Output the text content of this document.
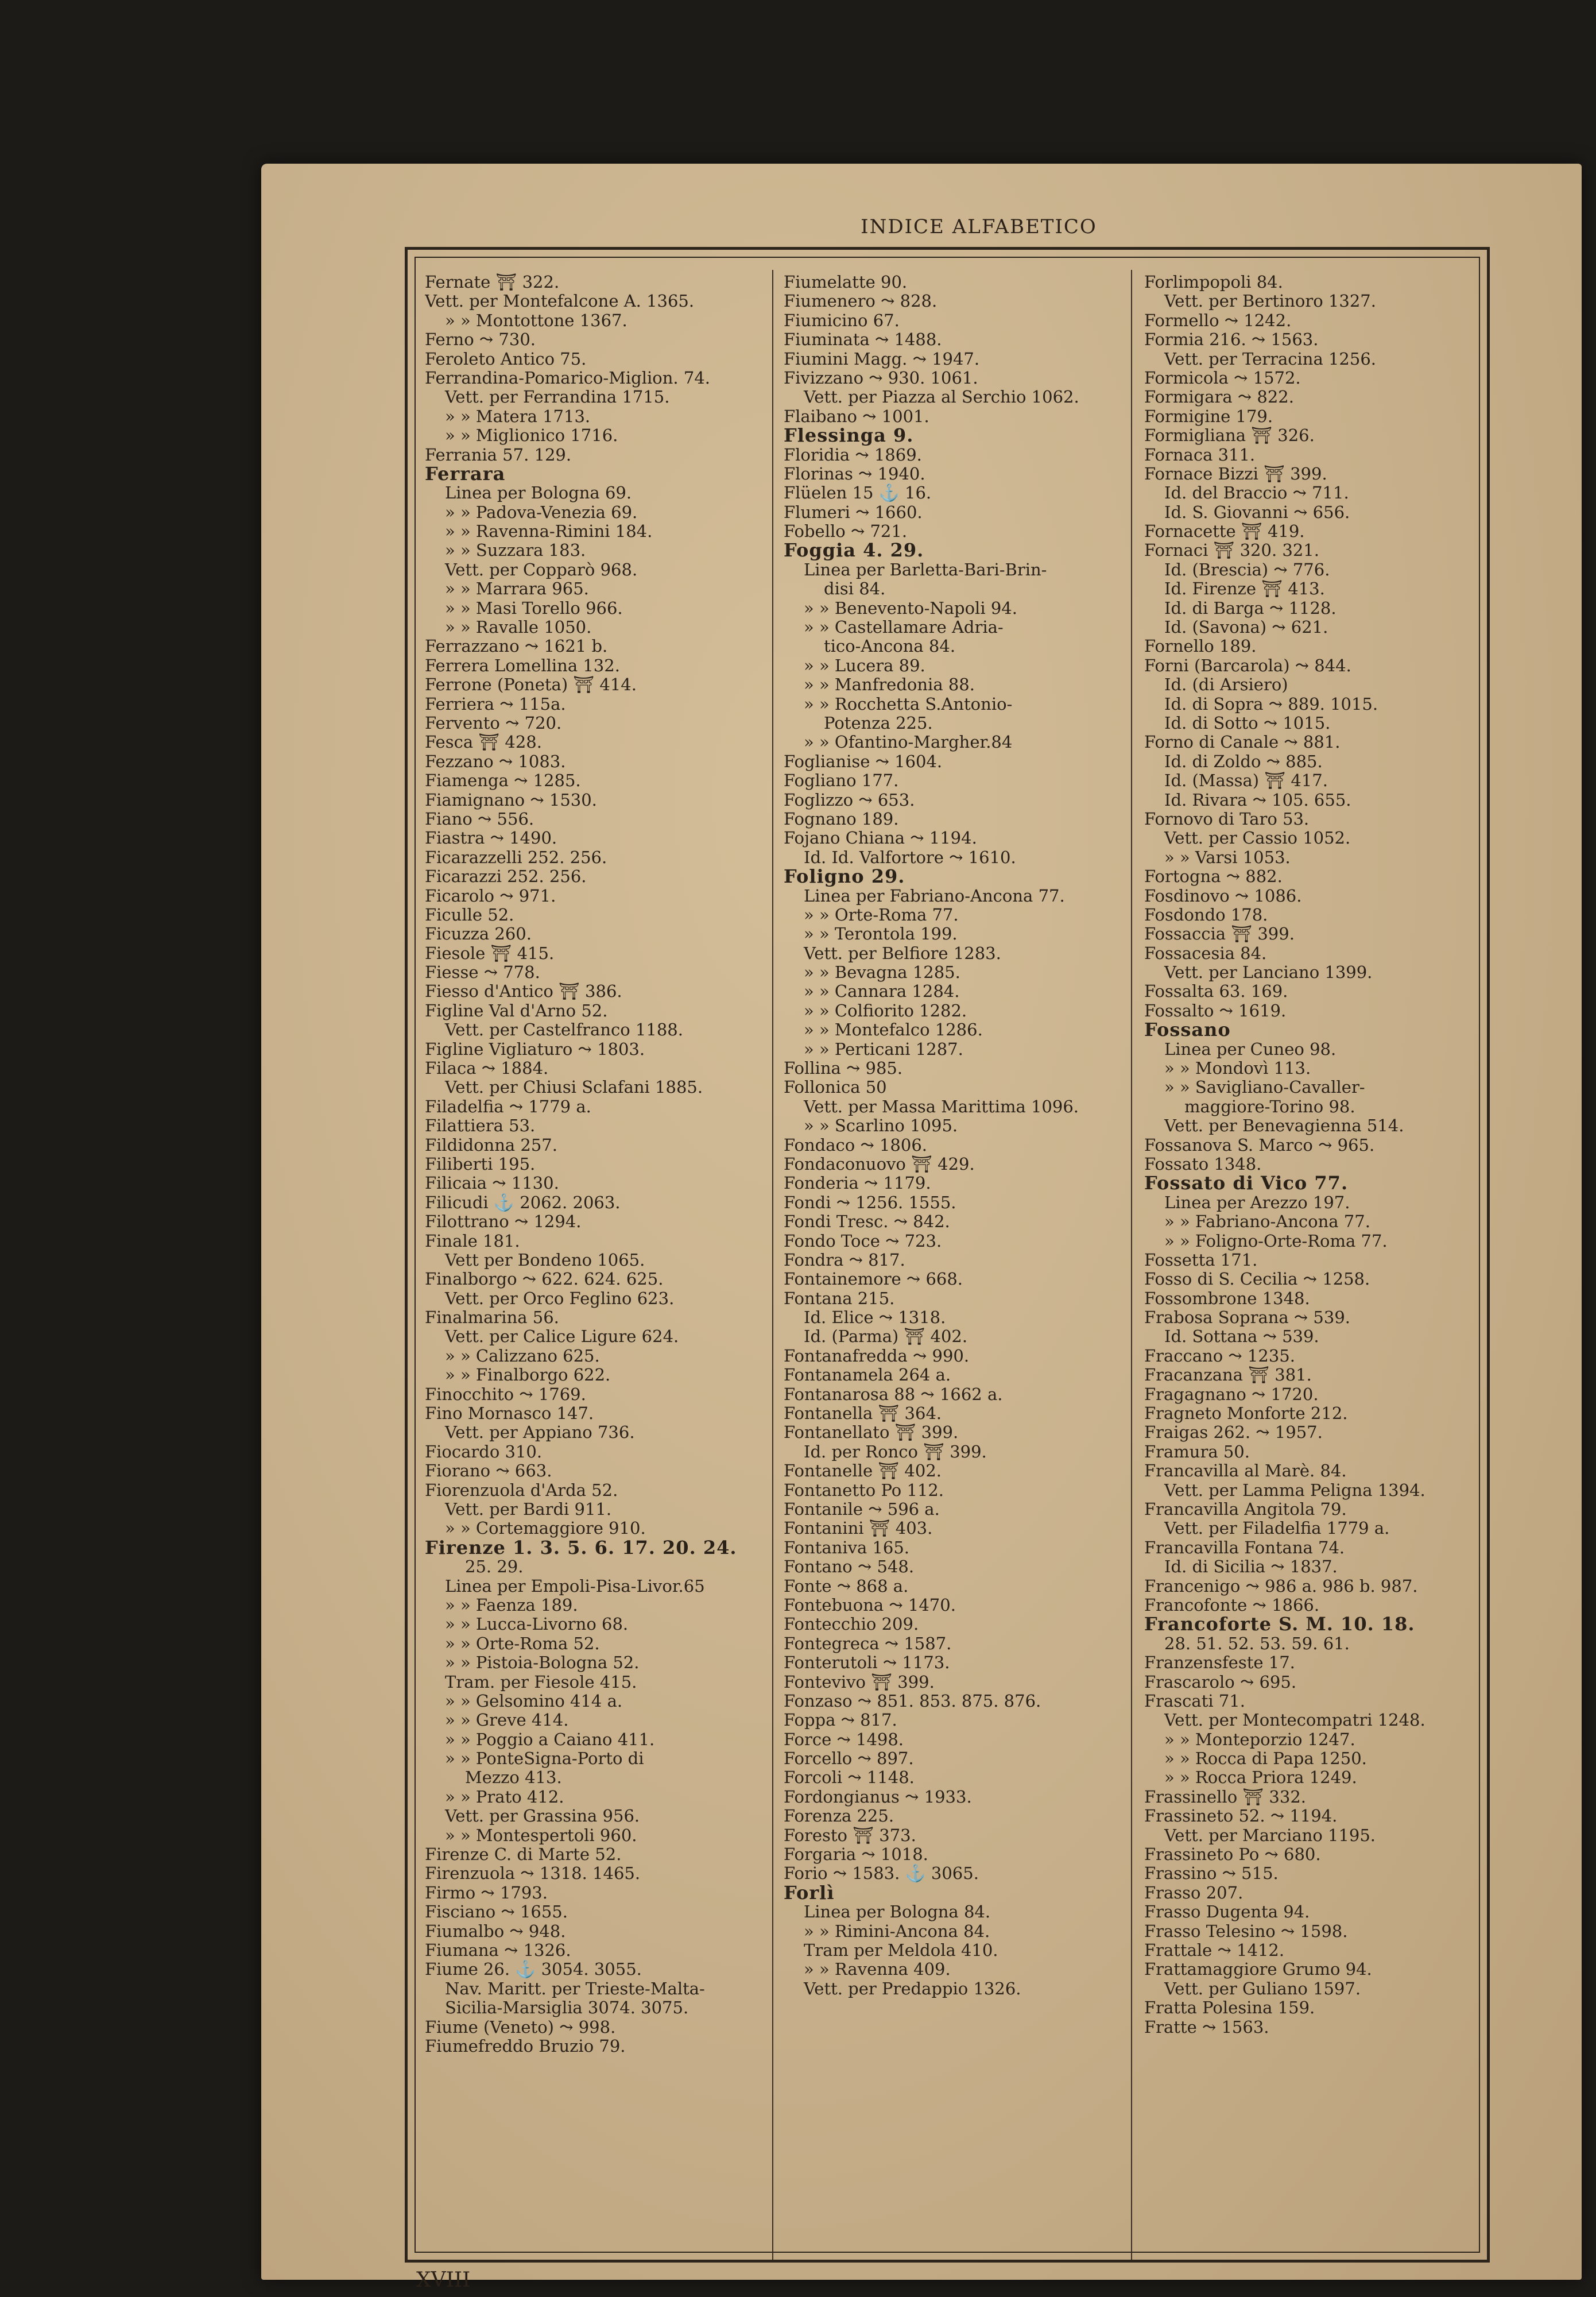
INDICE ALFABETICO
Fernate ⛩ 322.
Vett. per Montefalcone A. 1365.
» » Montottone 1367.
Ferno ⤳ 730.
Feroleto Antico 75.
Ferrandina-Pomarico-Miglion. 74.
Vett. per Ferrandina 1715.
» » Matera 1713.
» » Miglionico 1716.
Ferrania 57. 129.
Ferrara
Linea per Bologna 69.
» » Padova-Venezia 69.
» » Ravenna-Rimini 184.
» » Suzzara 183.
Vett. per Copparò 968.
» » Marrara 965.
» » Masi Torello 966.
» » Ravalle 1050.
Ferrazzano ⤳ 1621 b.
Ferrera Lomellina 132.
Ferrone (Poneta) ⛩ 414.
Ferriera ⤳ 115a.
Fervento ⤳ 720.
Fesca ⛩ 428.
Fezzano ⤳ 1083.
Fiamenga ⤳ 1285.
Fiamignano ⤳ 1530.
Fiano ⤳ 556.
Fiastra ⤳ 1490.
Ficarazzelli 252. 256.
Ficarazzi 252. 256.
Ficarolo ⤳ 971.
Ficulle 52.
Ficuzza 260.
Fiesole ⛩ 415.
Fiesse ⤳ 778.
Fiesso d'Antico ⛩ 386.
Figline Val d'Arno 52.
Vett. per Castelfranco 1188.
Figline Vigliaturo ⤳ 1803.
Filaca ⤳ 1884.
Vett. per Chiusi Sclafani 1885.
Filadelfia ⤳ 1779 a.
Filattiera 53.
Fildidonna 257.
Filiberti 195.
Filicaia ⤳ 1130.
Filicudi ⚓ 2062. 2063.
Filottrano ⤳ 1294.
Finale 181.
Vett per Bondeno 1065.
Finalborgo ⤳ 622. 624. 625.
Vett. per Orco Feglino 623.
Finalmarina 56.
Vett. per Calice Ligure 624.
» » Calizzano 625.
» » Finalborgo 622.
Finocchito ⤳ 1769.
Fino Mornasco 147.
Vett. per Appiano 736.
Fiocardo 310.
Fiorano ⤳ 663.
Fiorenzuola d'Arda 52.
Vett. per Bardi 911.
» » Cortemaggiore 910.
Firenze 1. 3. 5. 6. 17. 20. 24.
25. 29.
Linea per Empoli-Pisa-Livor.65
» » Faenza 189.
» » Lucca-Livorno 68.
» » Orte-Roma 52.
» » Pistoia-Bologna 52.
Tram. per Fiesole 415.
» » Gelsomino 414 a.
» » Greve 414.
» » Poggio a Caiano 411.
» » PonteSigna-Porto di
Mezzo 413.
» » Prato 412.
Vett. per Grassina 956.
» » Montespertoli 960.
Firenze C. di Marte 52.
Firenzuola ⤳ 1318. 1465.
Firmo ⤳ 1793.
Fisciano ⤳ 1655.
Fiumalbo ⤳ 948.
Fiumana ⤳ 1326.
Fiume 26. ⚓ 3054. 3055.
Nav. Maritt. per Trieste-Malta-
Sicilia-Marsiglia 3074. 3075.
Fiume (Veneto) ⤳ 998.
Fiumefreddo Bruzio 79.
Fiumelatte 90.
Fiumenero ⤳ 828.
Fiumicino 67.
Fiuminata ⤳ 1488.
Fiumini Magg. ⤳ 1947.
Fivizzano ⤳ 930. 1061.
Vett. per Piazza al Serchio 1062.
Flaibano ⤳ 1001.
Flessinga 9.
Floridia ⤳ 1869.
Florinas ⤳ 1940.
Flüelen 15 ⚓ 16.
Flumeri ⤳ 1660.
Fobello ⤳ 721.
Foggia 4. 29.
Linea per Barletta-Bari-Brin-
disi 84.
» » Benevento-Napoli 94.
» » Castellamare Adria-
tico-Ancona 84.
» » Lucera 89.
» » Manfredonia 88.
» » Rocchetta S.Antonio-
Potenza 225.
» » Ofantino-Margher.84
Foglianise ⤳ 1604.
Fogliano 177.
Foglizzo ⤳ 653.
Fognano 189.
Fojano Chiana ⤳ 1194.
Id. Id. Valfortore ⤳ 1610.
Foligno 29.
Linea per Fabriano-Ancona 77.
» » Orte-Roma 77.
» » Terontola 199.
Vett. per Belfiore 1283.
» » Bevagna 1285.
» » Cannara 1284.
» » Colfiorito 1282.
» » Montefalco 1286.
» » Perticani 1287.
Follina ⤳ 985.
Follonica 50
Vett. per Massa Marittima 1096.
» » Scarlino 1095.
Fondaco ⤳ 1806.
Fondaconuovo ⛩ 429.
Fonderia ⤳ 1179.
Fondi ⤳ 1256. 1555.
Fondi Tresc. ⤳ 842.
Fondo Toce ⤳ 723.
Fondra ⤳ 817.
Fontainemore ⤳ 668.
Fontana 215.
Id. Elice ⤳ 1318.
Id. (Parma) ⛩ 402.
Fontanafredda ⤳ 990.
Fontanamela 264 a.
Fontanarosa 88 ⤳ 1662 a.
Fontanella ⛩ 364.
Fontanellato ⛩ 399.
Id. per Ronco ⛩ 399.
Fontanelle ⛩ 402.
Fontanetto Po 112.
Fontanile ⤳ 596 a.
Fontanini ⛩ 403.
Fontaniva 165.
Fontano ⤳ 548.
Fonte ⤳ 868 a.
Fontebuona ⤳ 1470.
Fontecchio 209.
Fontegreca ⤳ 1587.
Fonterutoli ⤳ 1173.
Fontevivo ⛩ 399.
Fonzaso ⤳ 851. 853. 875. 876.
Foppa ⤳ 817.
Force ⤳ 1498.
Forcello ⤳ 897.
Forcoli ⤳ 1148.
Fordongianus ⤳ 1933.
Forenza 225.
Foresto ⛩ 373.
Forgaria ⤳ 1018.
Forio ⤳ 1583. ⚓ 3065.
Forlì
Linea per Bologna 84.
» » Rimini-Ancona 84.
Tram per Meldola 410.
» » Ravenna 409.
Vett. per Predappio 1326.
Forlimpopoli 84.
Vett. per Bertinoro 1327.
Formello ⤳ 1242.
Formia 216. ⤳ 1563.
Vett. per Terracina 1256.
Formicola ⤳ 1572.
Formigara ⤳ 822.
Formigine 179.
Formigliana ⛩ 326.
Fornaca 311.
Fornace Bizzi ⛩ 399.
Id. del Braccio ⤳ 711.
Id. S. Giovanni ⤳ 656.
Fornacette ⛩ 419.
Fornaci ⛩ 320. 321.
Id. (Brescia) ⤳ 776.
Id. Firenze ⛩ 413.
Id. di Barga ⤳ 1128.
Id. (Savona) ⤳ 621.
Fornello 189.
Forni (Barcarola) ⤳ 844.
Id. (di Arsiero)
Id. di Sopra ⤳ 889. 1015.
Id. di Sotto ⤳ 1015.
Forno di Canale ⤳ 881.
Id. di Zoldo ⤳ 885.
Id. (Massa) ⛩ 417.
Id. Rivara ⤳ 105. 655.
Fornovo di Taro 53.
Vett. per Cassio 1052.
» » Varsi 1053.
Fortogna ⤳ 882.
Fosdinovo ⤳ 1086.
Fosdondo 178.
Fossaccia ⛩ 399.
Fossacesia 84.
Vett. per Lanciano 1399.
Fossalta 63. 169.
Fossalto ⤳ 1619.
Fossano
Linea per Cuneo 98.
» » Mondovì 113.
» » Savigliano-Cavaller-
maggiore-Torino 98.
Vett. per Benevagienna 514.
Fossanova S. Marco ⤳ 965.
Fossato 1348.
Fossato di Vico 77.
Linea per Arezzo 197.
» » Fabriano-Ancona 77.
» » Foligno-Orte-Roma 77.
Fossetta 171.
Fosso di S. Cecilia ⤳ 1258.
Fossombrone 1348.
Frabosa Soprana ⤳ 539.
Id. Sottana ⤳ 539.
Fraccano ⤳ 1235.
Fracanzana ⛩ 381.
Fragagnano ⤳ 1720.
Fragneto Monforte 212.
Fraigas 262. ⤳ 1957.
Framura 50.
Francavilla al Marè. 84.
Vett. per Lamma Peligna 1394.
Francavilla Angitola 79.
Vett. per Filadelfia 1779 a.
Francavilla Fontana 74.
Id. di Sicilia ⤳ 1837.
Francenigo ⤳ 986 a. 986 b. 987.
Francofonte ⤳ 1866.
Francoforte S. M. 10. 18.
28. 51. 52. 53. 59. 61.
Franzensfeste 17.
Frascarolo ⤳ 695.
Frascati 71.
Vett. per Montecompatri 1248.
» » Monteporzio 1247.
» » Rocca di Papa 1250.
» » Rocca Priora 1249.
Frassinello ⛩ 332.
Frassineto 52. ⤳ 1194.
Vett. per Marciano 1195.
Frassineto Po ⤳ 680.
Frassino ⤳ 515.
Frasso 207.
Frasso Dugenta 94.
Frasso Telesino ⤳ 1598.
Frattale ⤳ 1412.
Frattamaggiore Grumo 94.
Vett. per Guliano 1597.
Fratta Polesina 159.
Fratte ⤳ 1563.
XVIII
